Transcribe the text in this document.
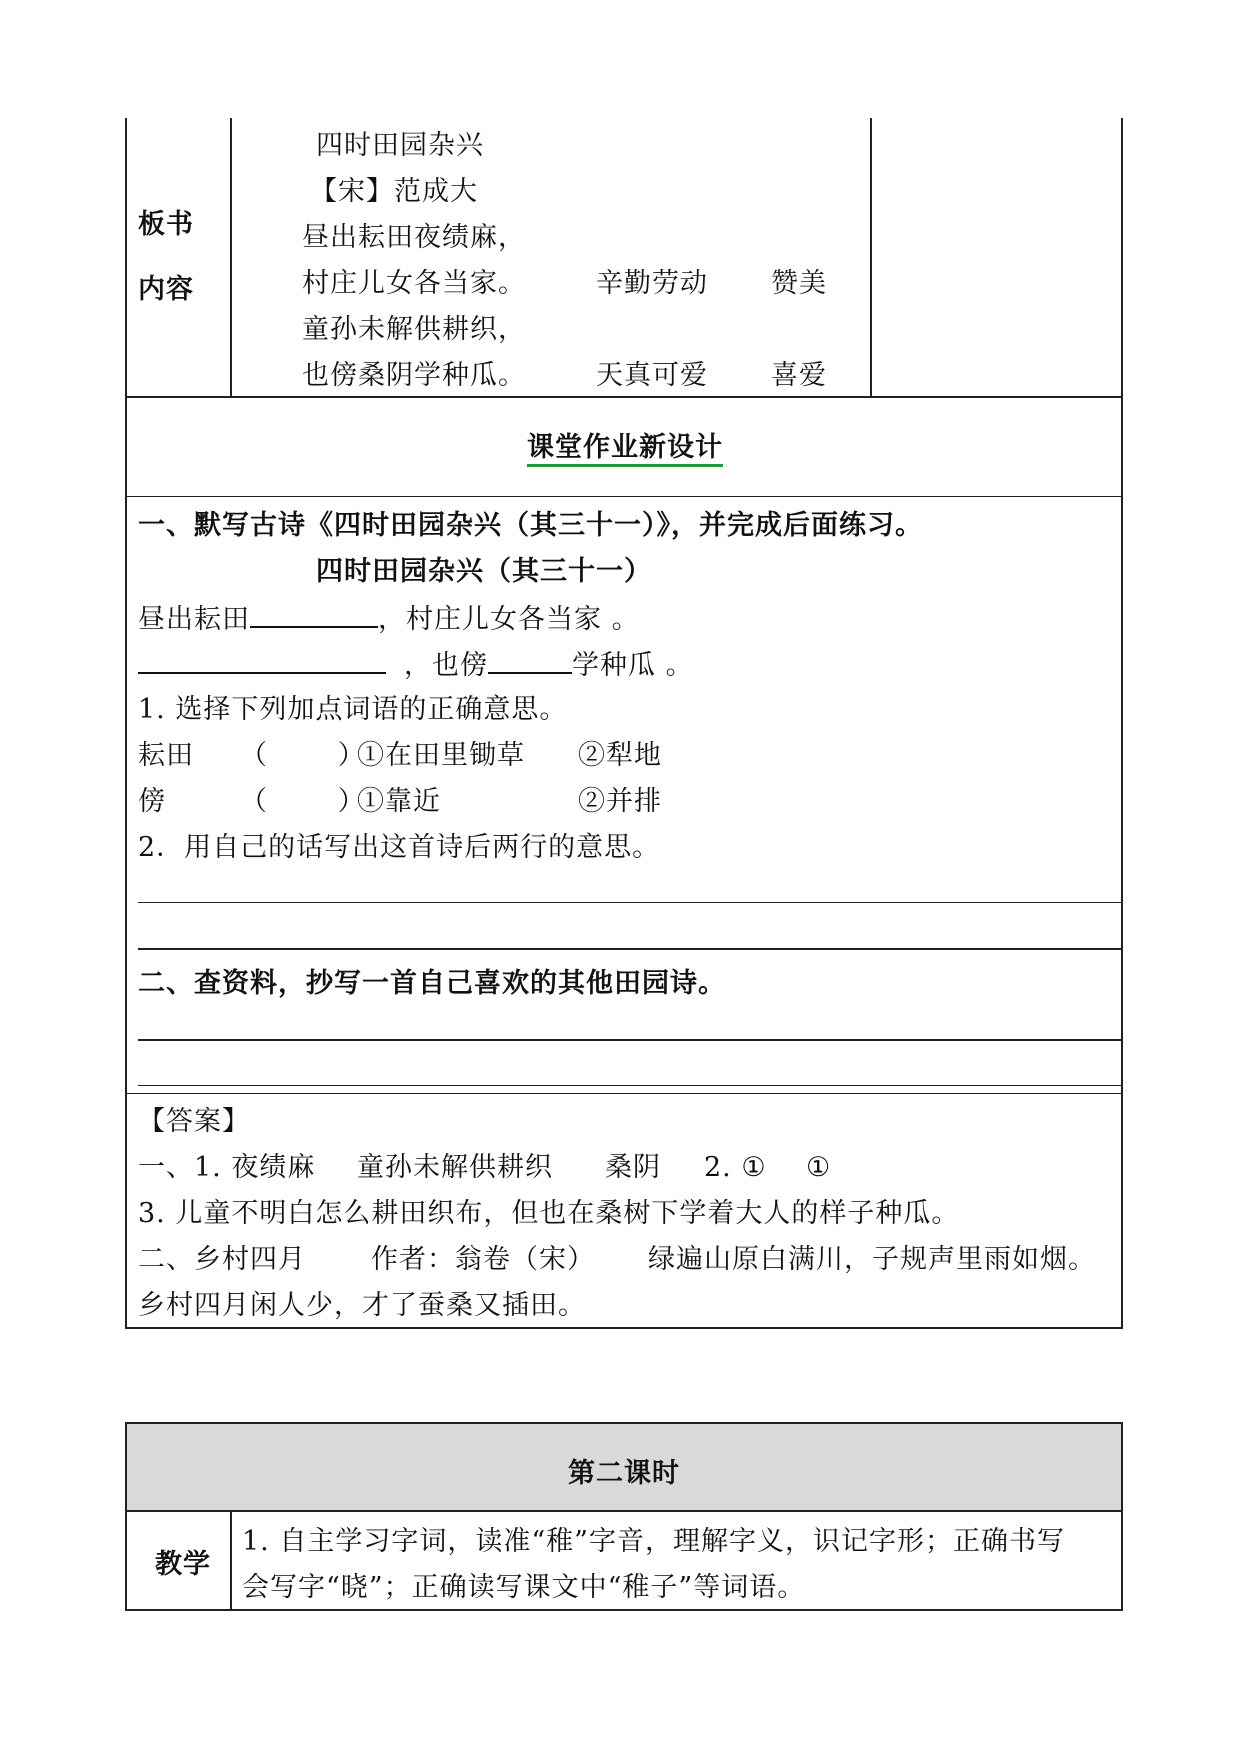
板书
内容
四时田园杂兴
【宋】范成大
昼出耘田夜绩麻，
村庄儿女各当家。	辛勤劳动 赞美
童孙未解供耕织，
也傍桑阴学种瓜。	天真可爱 喜爱
课堂作业新设计
一、默写古诗《四时田园杂兴（其三十一）》，并完成后面练习。
四时田园杂兴（其三十一）
昼出耘田	，村庄儿女各当家 。
，也傍	学种瓜 。
1. 选择下列加点词语的正确意思。
耘田 （ ）
①在田里锄草 ②犁地
傍	（ ）
①靠近	②并排
2．用自己的话写出这首诗后两行的意思。
二、查资料，抄写一首自己喜欢的其他田园诗。
【答案】
一、1. 夜绩麻 童孙未解供耕织 桑阴 2. ① ①
3. 儿童不明白怎么耕田织布，但也在桑树下学着大人的样子种瓜。
二、乡村四月 作者：翁卷（宋） 绿遍山原白满川，子规声里雨如烟。
乡村四月闲人少，才了蚕桑又插田。
第二课时
教学
1. 自主学习字词，读准“稚”字音，理解字义，识记字形；正确书写
会写字“晓”；正确读写课文中“稚子”等词语。
